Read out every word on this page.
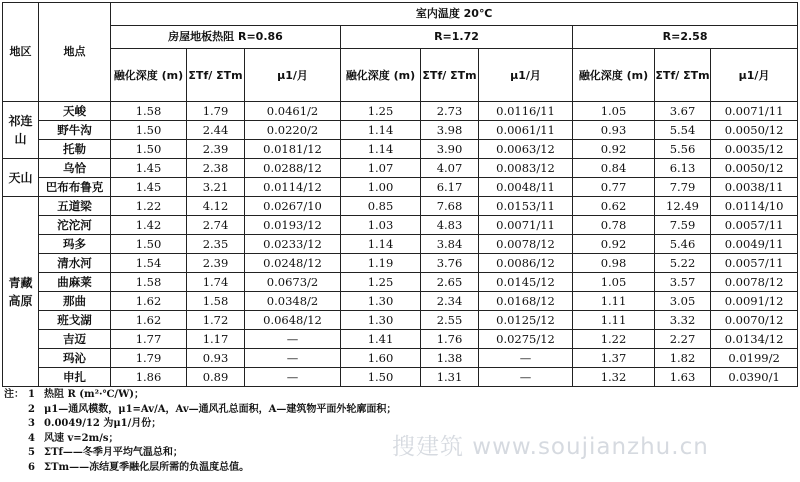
地区	地点	室内温度 20℃								
		房屋地板热阻 R=0.86			R=1.72			R=2.58		
		融化深度 (m)	ΣTf/ ΣTm	μ1/月	融化深度 (m)	ΣTf/ ΣTm	μ1/月	融化深度 (m)	ΣTf/ ΣTm	μ1/月
祁连山	天峻	1.58	1.79	0.0461/2	1.25	2.73	0.0116/11	1.05	3.67	0.0071/11
	野牛沟	1.50	2.44	0.0220/2	1.14	3.98	0.0061/11	0.93	5.54	0.0050/12
	托勒	1.50	2.39	0.0181/12	1.14	3.90	0.0063/12	0.92	5.56	0.0035/12
天山	乌恰	1.45	2.38	0.0288/12	1.07	4.07	0.0083/12	0.84	6.13	0.0050/12
	巴布布鲁克	1.45	3.21	0.0114/12	1.00	6.17	0.0048/11	0.77	7.79	0.0038/11
青藏高原	五道梁	1.22	4.12	0.0267/10	0.85	7.68	0.0153/11	0.62	12.49	0.0114/10
	沱沱河	1.42	2.74	0.0193/12	1.03	4.83	0.0071/11	0.78	7.59	0.0057/11
	玛多	1.50	2.35	0.0233/12	1.14	3.84	0.0078/12	0.92	5.46	0.0049/11
	清水河	1.54	2.39	0.0248/12	1.19	3.76	0.0086/12	0.98	5.22	0.0057/11
	曲麻莱	1.58	1.74	0.0673/2	1.25	2.65	0.0145/12	1.05	3.57	0.0078/12
	那曲	1.62	1.58	0.0348/2	1.30	2.34	0.0168/12	1.11	3.05	0.0091/12
	班戈湖	1.62	1.72	0.0648/12	1.30	2.55	0.0125/12	1.11	3.32	0.0070/12
	吉迈	1.77	1.17	—	1.41	1.76	0.0275/12	1.22	2.27	0.0134/12
	玛沁	1.79	0.93	—	1.60	1.38	—	1.37	1.82	0.0199/2
	申扎	1.86	0.89	—	1.50	1.31	—	1.32	1.63	0.0390/1
注： 1 热阻 R (m²·℃/W)；
2 μ1—通风模数，μ1=Av/A，Av—通风孔总面积，A—建筑物平面外轮廓面积；
3 0.0049/12 为μ1/月份；
4 风速 v=2m/s；
5 ΣTf——冬季月平均气温总和；
6 ΣTm——冻结夏季融化层所需的负温度总值。
搜建筑 www.soujianzhu.cn
